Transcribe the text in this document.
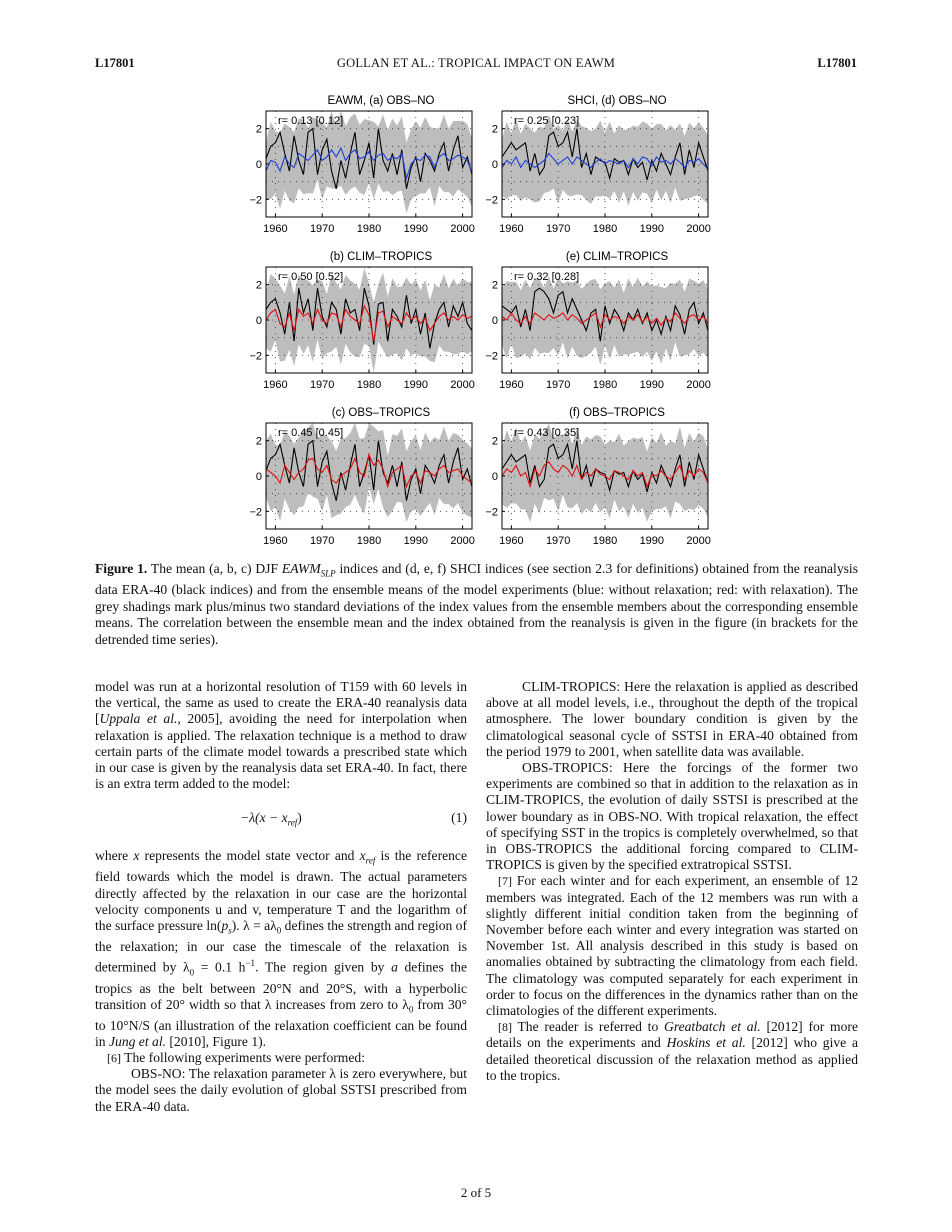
L17801	GOLLAN ET AL.: TROPICAL IMPACT ON EAWM	L17801
1960 1970 1980 1990 2000
2
0
−2
EAWM, (a) OBS–NO
r= 0.13 [0.12]
1960 1970 1980 1990 2000
2
0
−2
SHCI, (d) OBS–NO
r= 0.25 [0.23]
1960 1970 1980 1990 2000
2
0
−2
(b) CLIM–TROPICS
r= 0.50 [0.52]
1960 1970 1980 1990 2000
2
0
−2
(e) CLIM–TROPICS
r= 0.32 [0.28]
1960 1970 1980 1990 2000
2
0
−2
(c) OBS–TROPICS
r= 0.45 [0.45]
1960 1970 1980 1990 2000
2
0
−2
(f) OBS–TROPICS
r= 0.43 [0.35]
Figure 1. The mean (a, b, c) DJF $EAWM_{SLP}$ indices and (d, e, f) SHCI indices (see section 2.3 for definitions) obtained from the reanalysis data ERA-40 (black indices) and from the ensemble means of the model experiments (blue: without relaxation; red: with relaxation). The grey shadings mark plus/minus two standard deviations of the index values from the ensemble members about the corresponding ensemble means. The correlation between the ensemble mean and the index obtained from the reanalysis is given in the figure (in brackets for the detrended time series).

model was run at a horizontal resolution of T159 with 60 levels in the vertical, the same as used to create the ERA-40 reanalysis data [Uppala et al., 2005], avoiding the need for interpolation when relaxation is applied. The relaxation technique is a method to draw certain parts of the climate model towards a prescribed state which in our case is given by the reanalysis data set ERA-40. In fact, there is an extra term added to the model:

$-\lambda(x - x_{ref})$	(1)

where x represents the model state vector and $x_{ref}$ is the reference field towards which the model is drawn. The actual parameters directly affected by the relaxation in our case are the horizontal velocity components u and v, temperature T and the logarithm of the surface pressure $\ln(p_s)$. $\lambda = a\lambda_0$ defines the strength and region of the relaxation; in our case the timescale of the relaxation is determined by $\lambda_0 = 0.1$ $h^{-1}$. The region given by a defines the tropics as the belt between 20°N and 20°S, with a hyperbolic transition of 20° width so that λ increases from zero to $\lambda_0$ from 30° to 10°N/S (an illustration of the relaxation coefficient can be found in Jung et al. [2010], Figure 1).

[6] The following experiments were performed:

OBS-NO: The relaxation parameter λ is zero everywhere, but the model sees the daily evolution of global SSTSI prescribed from the ERA-40 data.

CLIM-TROPICS: Here the relaxation is applied as described above at all model levels, i.e., throughout the depth of the tropical atmosphere. The lower boundary condition is given by the climatological seasonal cycle of SSTSI in ERA-40 obtained from the period 1979 to 2001, when satellite data was available.

OBS-TROPICS: Here the forcings of the former two experiments are combined so that in addition to the relaxation as in CLIM-TROPICS, the evolution of daily SSTSI is prescribed at the lower boundary as in OBS-NO. With tropical relaxation, the effect of specifying SST in the tropics is completely overwhelmed, so that in OBS-TROPICS the additional forcing compared to CLIM-TROPICS is given by the specified extratropical SSTSI.

[7] For each winter and for each experiment, an ensemble of 12 members was integrated. Each of the 12 members was run with a slightly different initial condition taken from the beginning of November before each winter and every integration was started on November 1st. All analysis described in this study is based on anomalies obtained by subtracting the climatology from each field. The climatology was computed separately for each experiment in order to focus on the differences in the dynamics rather than on the climatologies of the different experiments.

[8] The reader is referred to Greatbatch et al. [2012] for more details on the experiments and Hoskins et al. [2012] who give a detailed theoretical discussion of the relaxation method as applied to the tropics.

2 of 5
